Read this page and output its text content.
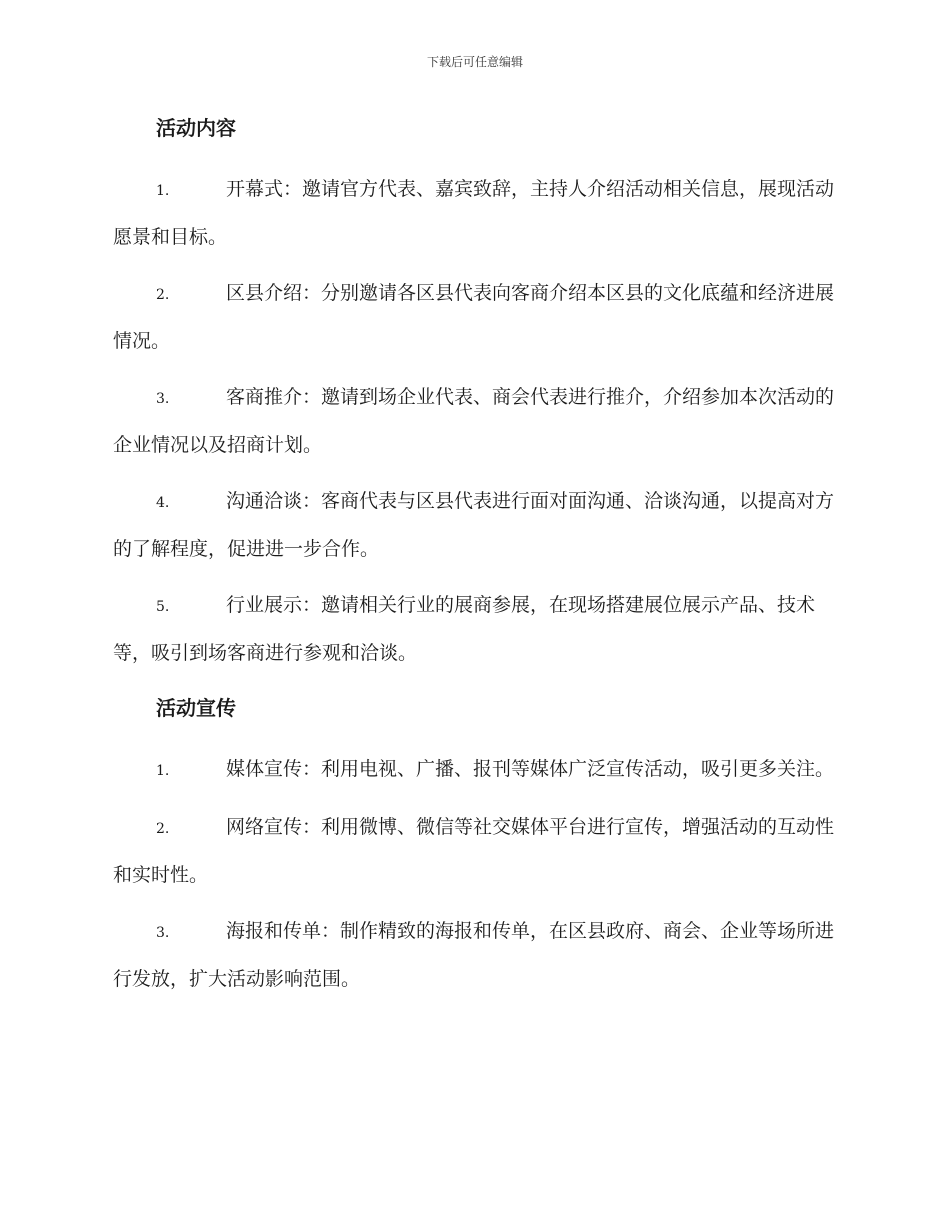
下载后可任意编辑
活动内容
1.	开幕式：邀请官方代表、嘉宾致辞，主持人介绍活动相关信息，展现活动愿景和目标。
2.	区县介绍：分别邀请各区县代表向客商介绍本区县的文化底蕴和经济进展情况。
3.	客商推介：邀请到场企业代表、商会代表进行推介，介绍参加本次活动的企业情况以及招商计划。
4.	沟通洽谈：客商代表与区县代表进行面对面沟通、洽谈沟通，以提高对方的了解程度，促进进一步合作。
5.	行业展示：邀请相关行业的展商参展，在现场搭建展位展示产品、技术等，吸引到场客商进行参观和洽谈。
活动宣传
1.	媒体宣传：利用电视、广播、报刊等媒体广泛宣传活动，吸引更多关注。
2.	网络宣传：利用微博、微信等社交媒体平台进行宣传，增强活动的互动性和实时性。
3.	海报和传单：制作精致的海报和传单，在区县政府、商会、企业等场所进行发放，扩大活动影响范围。
